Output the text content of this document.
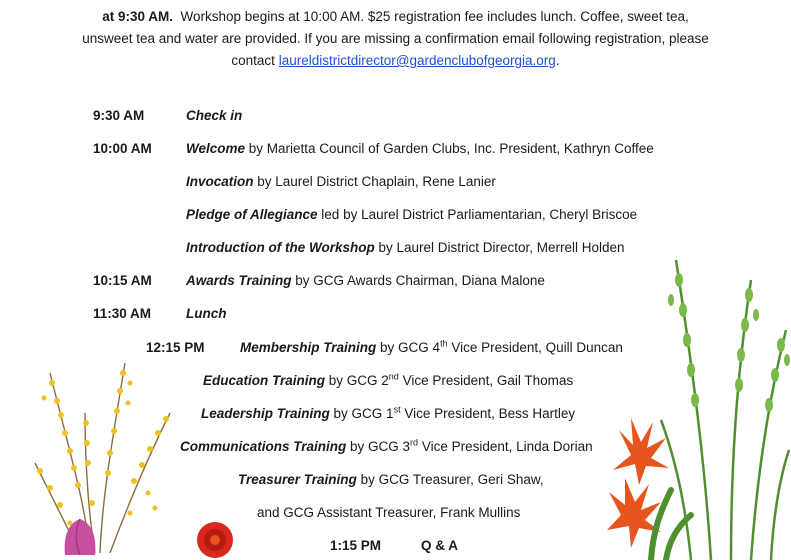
at 9:30 AM. Workshop begins at 10:00 AM. $25 registration fee includes lunch. Coffee, sweet tea,
unsweet tea and water are provided. If you are missing a confirmation email following registration, please
contact laureldistrictdirector@gardenclubofgeorgia.org.
9:30 AM	Check in
10:00 AM	Welcome by Marietta Council of Garden Clubs, Inc. President, Kathryn Coffee
Invocation by Laurel District Chaplain, Rene Lanier
Pledge of Allegiance led by Laurel District Parliamentarian, Cheryl Briscoe
Introduction of the Workshop by Laurel District Director, Merrell Holden
10:15 AM	Awards Training by GCG Awards Chairman, Diana Malone
11:30 AM	Lunch
12:15 PM	Membership Training by GCG 4th Vice President, Quill Duncan
Education Training by GCG 2nd Vice President, Gail Thomas
Leadership Training by GCG 1st Vice President, Bess Hartley
Communications Training by GCG 3rd Vice President, Linda Dorian
Treasurer Training by GCG Treasurer, Geri Shaw,
and GCG Assistant Treasurer, Frank Mullins
1:15 PM	Q & A
